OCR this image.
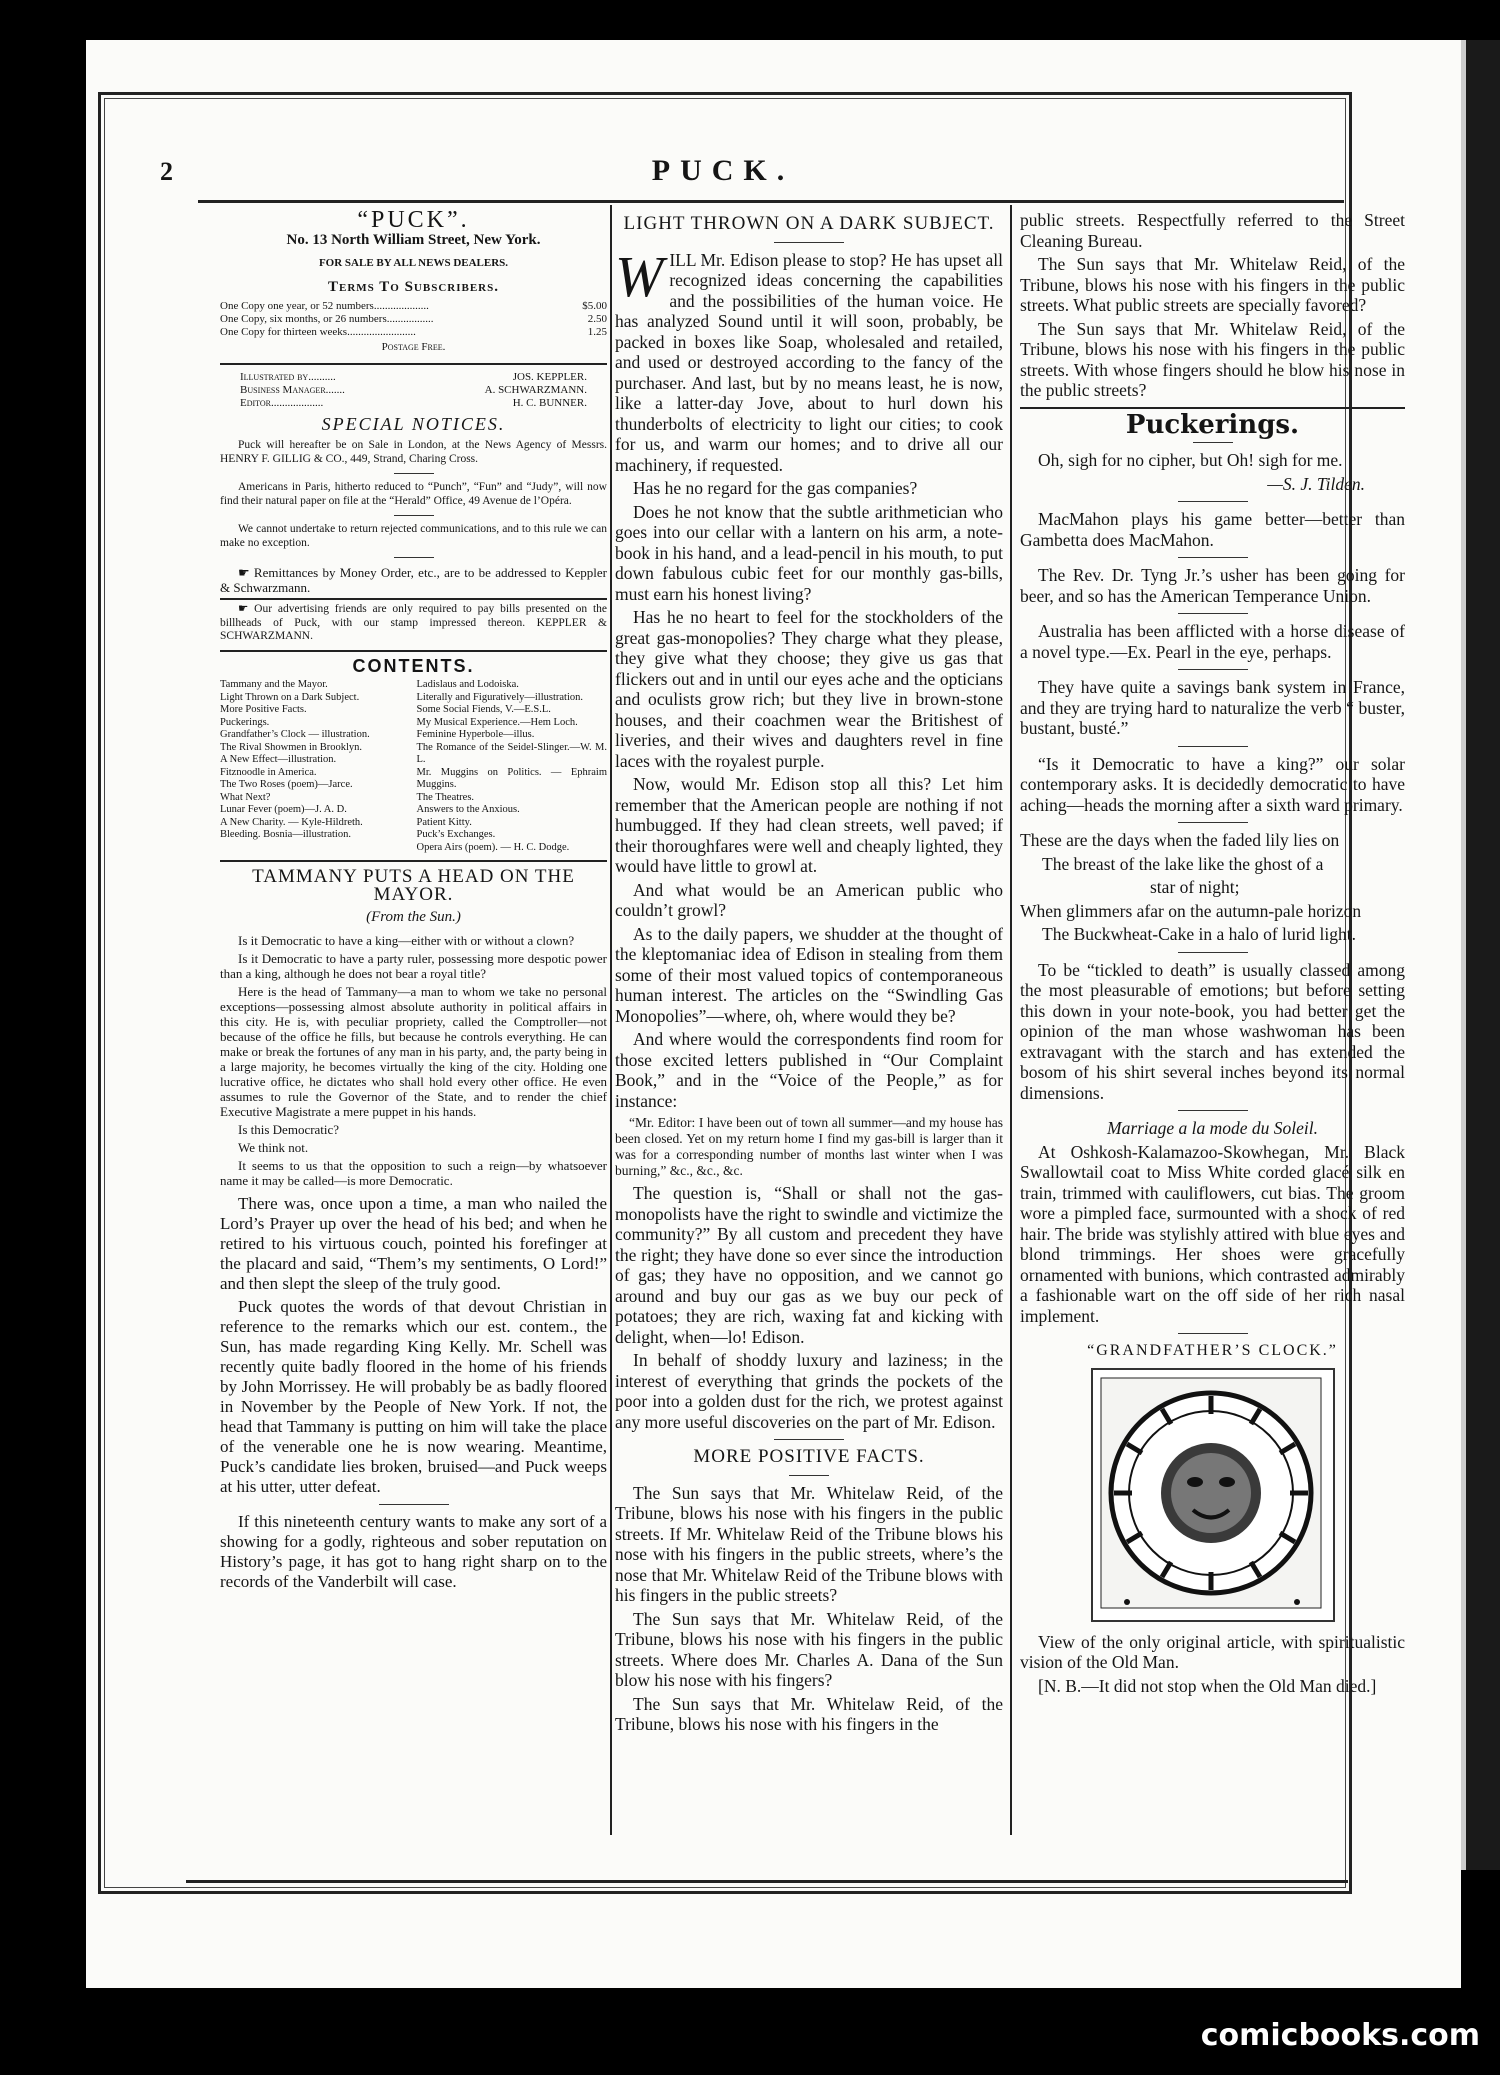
2	PUCK.
“PUCK”.
No. 13 North William Street, New York.
FOR SALE BY ALL NEWS DEALERS.
Terms To Subscribers.
One Copy one year, or 52 numbers....................	$5.00
One Copy, six months, or 26 numbers.................	2.50
One Copy for thirteen weeks.........................	1.25
Postage Free.
Illustrated by..........	JOS. KEPPLER.
Business Manager.......	A. SCHWARZMANN.
Editor...................	H. C. BUNNER.
SPECIAL NOTICES.

Puck will hereafter be on Sale in London, at the News Agency of Messrs. HENRY F. GILLIG & CO., 449, Strand, Charing Cross.

Americans in Paris, hitherto reduced to “Punch”, “Fun” and “Judy”, will now find their natural paper on file at the “Herald” Office, 49 Avenue de l’Opéra.

We cannot undertake to return rejected communications, and to this rule we can make no exception.

☛ Remittances by Money Order, etc., are to be addressed to Keppler & Schwarzmann.

☛ Our advertising friends are only required to pay bills presented on the billheads of Puck, with our stamp impressed thereon. KEPPLER & SCHWARZMANN.

CONTENTS.
Tammany and the Mayor.
Light Thrown on a Dark Subject.
More Positive Facts.
Puckerings.
Grandfather’s Clock — illustration.
The Rival Showmen in Brooklyn.
A New Effect—illustration.
Fitznoodle in America.
The Two Roses (poem)—Jarce.
What Next?
Lunar Fever (poem)—J. A. D.
A New Charity. — Kyle-Hildreth.
Bleeding. Bosnia—illustration.
Ladislaus and Lodoiska.
Literally and Figuratively—illustration.
Some Social Fiends, V.—E.S.L.
My Musical Experience.—Hem Loch.
Feminine Hyperbole—illus.
The Romance of the Seidel-Slinger.—W. M. L.
Mr. Muggins on Politics. — Ephraim Muggins.
The Theatres.
Answers to the Anxious.
Patient Kitty.
Puck’s Exchanges.
Opera Airs (poem). — H. C. Dodge.
TAMMANY PUTS A HEAD ON THE MAYOR.
(From the Sun.)

Is it Democratic to have a king—either with or without a clown?

Is it Democratic to have a party ruler, possessing more despotic power than a king, although he does not bear a royal title?

Here is the head of Tammany—a man to whom we take no personal exceptions—possessing almost absolute authority in political affairs in this city. He is, with peculiar propriety, called the Comptroller—not because of the office he fills, but because he controls everything. He can make or break the fortunes of any man in his party, and, the party being in a large majority, he becomes virtually the king of the city. Holding one lucrative office, he dictates who shall hold every other office. He even assumes to rule the Governor of the State, and to render the chief Executive Magistrate a mere puppet in his hands.

Is this Democratic?

We think not.

It seems to us that the opposition to such a reign—by whatsoever name it may be called—is more Democratic.

There was, once upon a time, a man who nailed the Lord’s Prayer up over the head of his bed; and when he retired to his virtuous couch, pointed his forefinger at the placard and said, “Them’s my sentiments, O Lord!” and then slept the sleep of the truly good.

Puck quotes the words of that devout Christian in reference to the remarks which our est. contem., the Sun, has made regarding King Kelly. Mr. Schell was recently quite badly floored in the home of his friends by John Morrissey. He will probably be as badly floored in November by the People of New York. If not, the head that Tammany is putting on him will take the place of the venerable one he is now wearing. Meantime, Puck’s candidate lies broken, bruised—and Puck weeps at his utter, utter defeat.

If this nineteenth century wants to make any sort of a showing for a godly, righteous and sober reputation on History’s page, it has got to hang right sharp on to the records of the Vanderbilt will case.

LIGHT THROWN ON A DARK SUBJECT.

WILL Mr. Edison please to stop? He has upset all recognized ideas concerning the capabilities and the possibilities of the human voice. He has analyzed Sound until it will soon, probably, be packed in boxes like Soap, wholesaled and retailed, and used or destroyed according to the fancy of the purchaser. And last, but by no means least, he is now, like a latter-day Jove, about to hurl down his thunderbolts of electricity to light our cities; to cook for us, and warm our homes; and to drive all our machinery, if requested.

Has he no regard for the gas companies?

Does he not know that the subtle arithmetician who goes into our cellar with a lantern on his arm, a note-book in his hand, and a lead-pencil in his mouth, to put down fabulous cubic feet for our monthly gas-bills, must earn his honest living?

Has he no heart to feel for the stockholders of the great gas-monopolies? They charge what they please, they give what they choose; they give us gas that flickers out and in until our eyes ache and the opticians and oculists grow rich; but they live in brown-stone houses, and their coachmen wear the Britishest of liveries, and their wives and daughters revel in fine laces with the royalest purple.

Now, would Mr. Edison stop all this? Let him remember that the American people are nothing if not humbugged. If they had clean streets, well paved; if their thoroughfares were well and cheaply lighted, they would have little to growl at.

And what would be an American public who couldn’t growl?

As to the daily papers, we shudder at the thought of the kleptomaniac idea of Edison in stealing from them some of their most valued topics of contemporaneous human interest. The articles on the “Swindling Gas Monopolies”—where, oh, where would they be?

And where would the correspondents find room for those excited letters published in “Our Complaint Book,” and in the “Voice of the People,” as for instance:

“Mr. Editor: I have been out of town all summer—and my house has been closed. Yet on my return home I find my gas-bill is larger than it was for a corresponding number of months last winter when I was burning,” &c., &c., &c.

The question is, “Shall or shall not the gas-monopolists have the right to swindle and victimize the community?” By all custom and precedent they have the right; they have done so ever since the introduction of gas; they have no opposition, and we cannot go around and buy our gas as we buy our peck of potatoes; they are rich, waxing fat and kicking with delight, when—lo! Edison.

In behalf of shoddy luxury and laziness; in the interest of everything that grinds the pockets of the poor into a golden dust for the rich, we protest against any more useful discoveries on the part of Mr. Edison.

MORE POSITIVE FACTS.

The Sun says that Mr. Whitelaw Reid, of the Tribune, blows his nose with his fingers in the public streets. If Mr. Whitelaw Reid of the Tribune blows his nose with his fingers in the public streets, where’s the nose that Mr. Whitelaw Reid of the Tribune blows with his fingers in the public streets?

The Sun says that Mr. Whitelaw Reid, of the Tribune, blows his nose with his fingers in the public streets. Where does Mr. Charles A. Dana of the Sun blow his nose with his fingers?

The Sun says that Mr. Whitelaw Reid, of the Tribune, blows his nose with his fingers in the

public streets. Respectfully referred to the Street Cleaning Bureau.

The Sun says that Mr. Whitelaw Reid, of the Tribune, blows his nose with his fingers in the public streets. What public streets are specially favored?

The Sun says that Mr. Whitelaw Reid, of the Tribune, blows his nose with his fingers in the public streets. With whose fingers should he blow his nose in the public streets?

Puckerings.

Oh, sigh for no cipher, but Oh! sigh for me.

—S. J. Tilden.

MacMahon plays his game better—better than Gambetta does MacMahon.

The Rev. Dr. Tyng Jr.’s usher has been going for beer, and so has the American Temperance Union.

Australia has been afflicted with a horse disease of a novel type.—Ex. Pearl in the eye, perhaps.

They have quite a savings bank system in France, and they are trying hard to naturalize the verb “ buster, bustant, busté.”

“Is it Democratic to have a king?” our solar contemporary asks. It is decidedly democratic to have aching—heads the morning after a sixth ward primary.

These are the days when the faded lily lies on

The breast of the lake like the ghost of a

star of night;

When glimmers afar on the autumn-pale horizon

The Buckwheat-Cake in a halo of lurid light.

To be “tickled to death” is usually classed among the most pleasurable of emotions; but before setting this down in your note-book, you had better get the opinion of the man whose washwoman has been extravagant with the starch and has extended the bosom of his shirt several inches beyond its normal dimensions.

Marriage a la mode du Soleil.

At Oshkosh-Kalamazoo-Skowhegan, Mr. Black Swallowtail coat to Miss White corded glacé silk en train, trimmed with cauliflowers, cut bias. The groom wore a pimpled face, surmounted with a shock of red hair. The bride was stylishly attired with blue eyes and blond trimmings. Her shoes were gracefully ornamented with bunions, which contrasted admirably a fashionable wart on the off side of her rich nasal implement.

“GRANDFATHER’S CLOCK.”

View of the only original article, with spiritualistic vision of the Old Man.

[N. B.—It did not stop when the Old Man died.]

comicbooks.com
